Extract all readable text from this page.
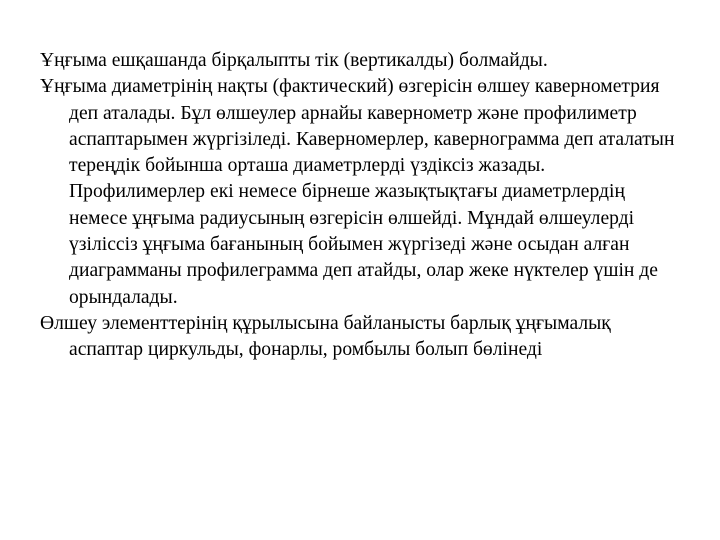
Ұңғыма ешқашанда бірқалыпты тік (вертикалды) болмайды.

Ұңғыма диаметрінің нақты (фактический) өзгерісін өлшеу кавернометрия деп аталады. Бұл өлшеулер арнайы каверномeтр және профилиметр аспаптарымен жүргізіледі. Каверномерлер, кавернограмма деп аталатын тереңдік бойынша орташа диаметрлерді үздіксіз жазады. Профилимерлер екі немесе бірнеше жазықтықтағы диаметрлердің немесе ұңғыма радиусының өзгерісін өлшейді. Мұндай өлшеулерді үзіліссіз ұңғыма бағанының бойымен жүргізеді және осыдан алған диаграмманы профилеграмма деп атайды, олар жеке нүктелер үшін де орындалады.

Өлшеу элементтерінің құрылысына байланысты барлық ұңғымалық аспаптар циркульды, фонарлы, ромбылы болып бөлінеді
